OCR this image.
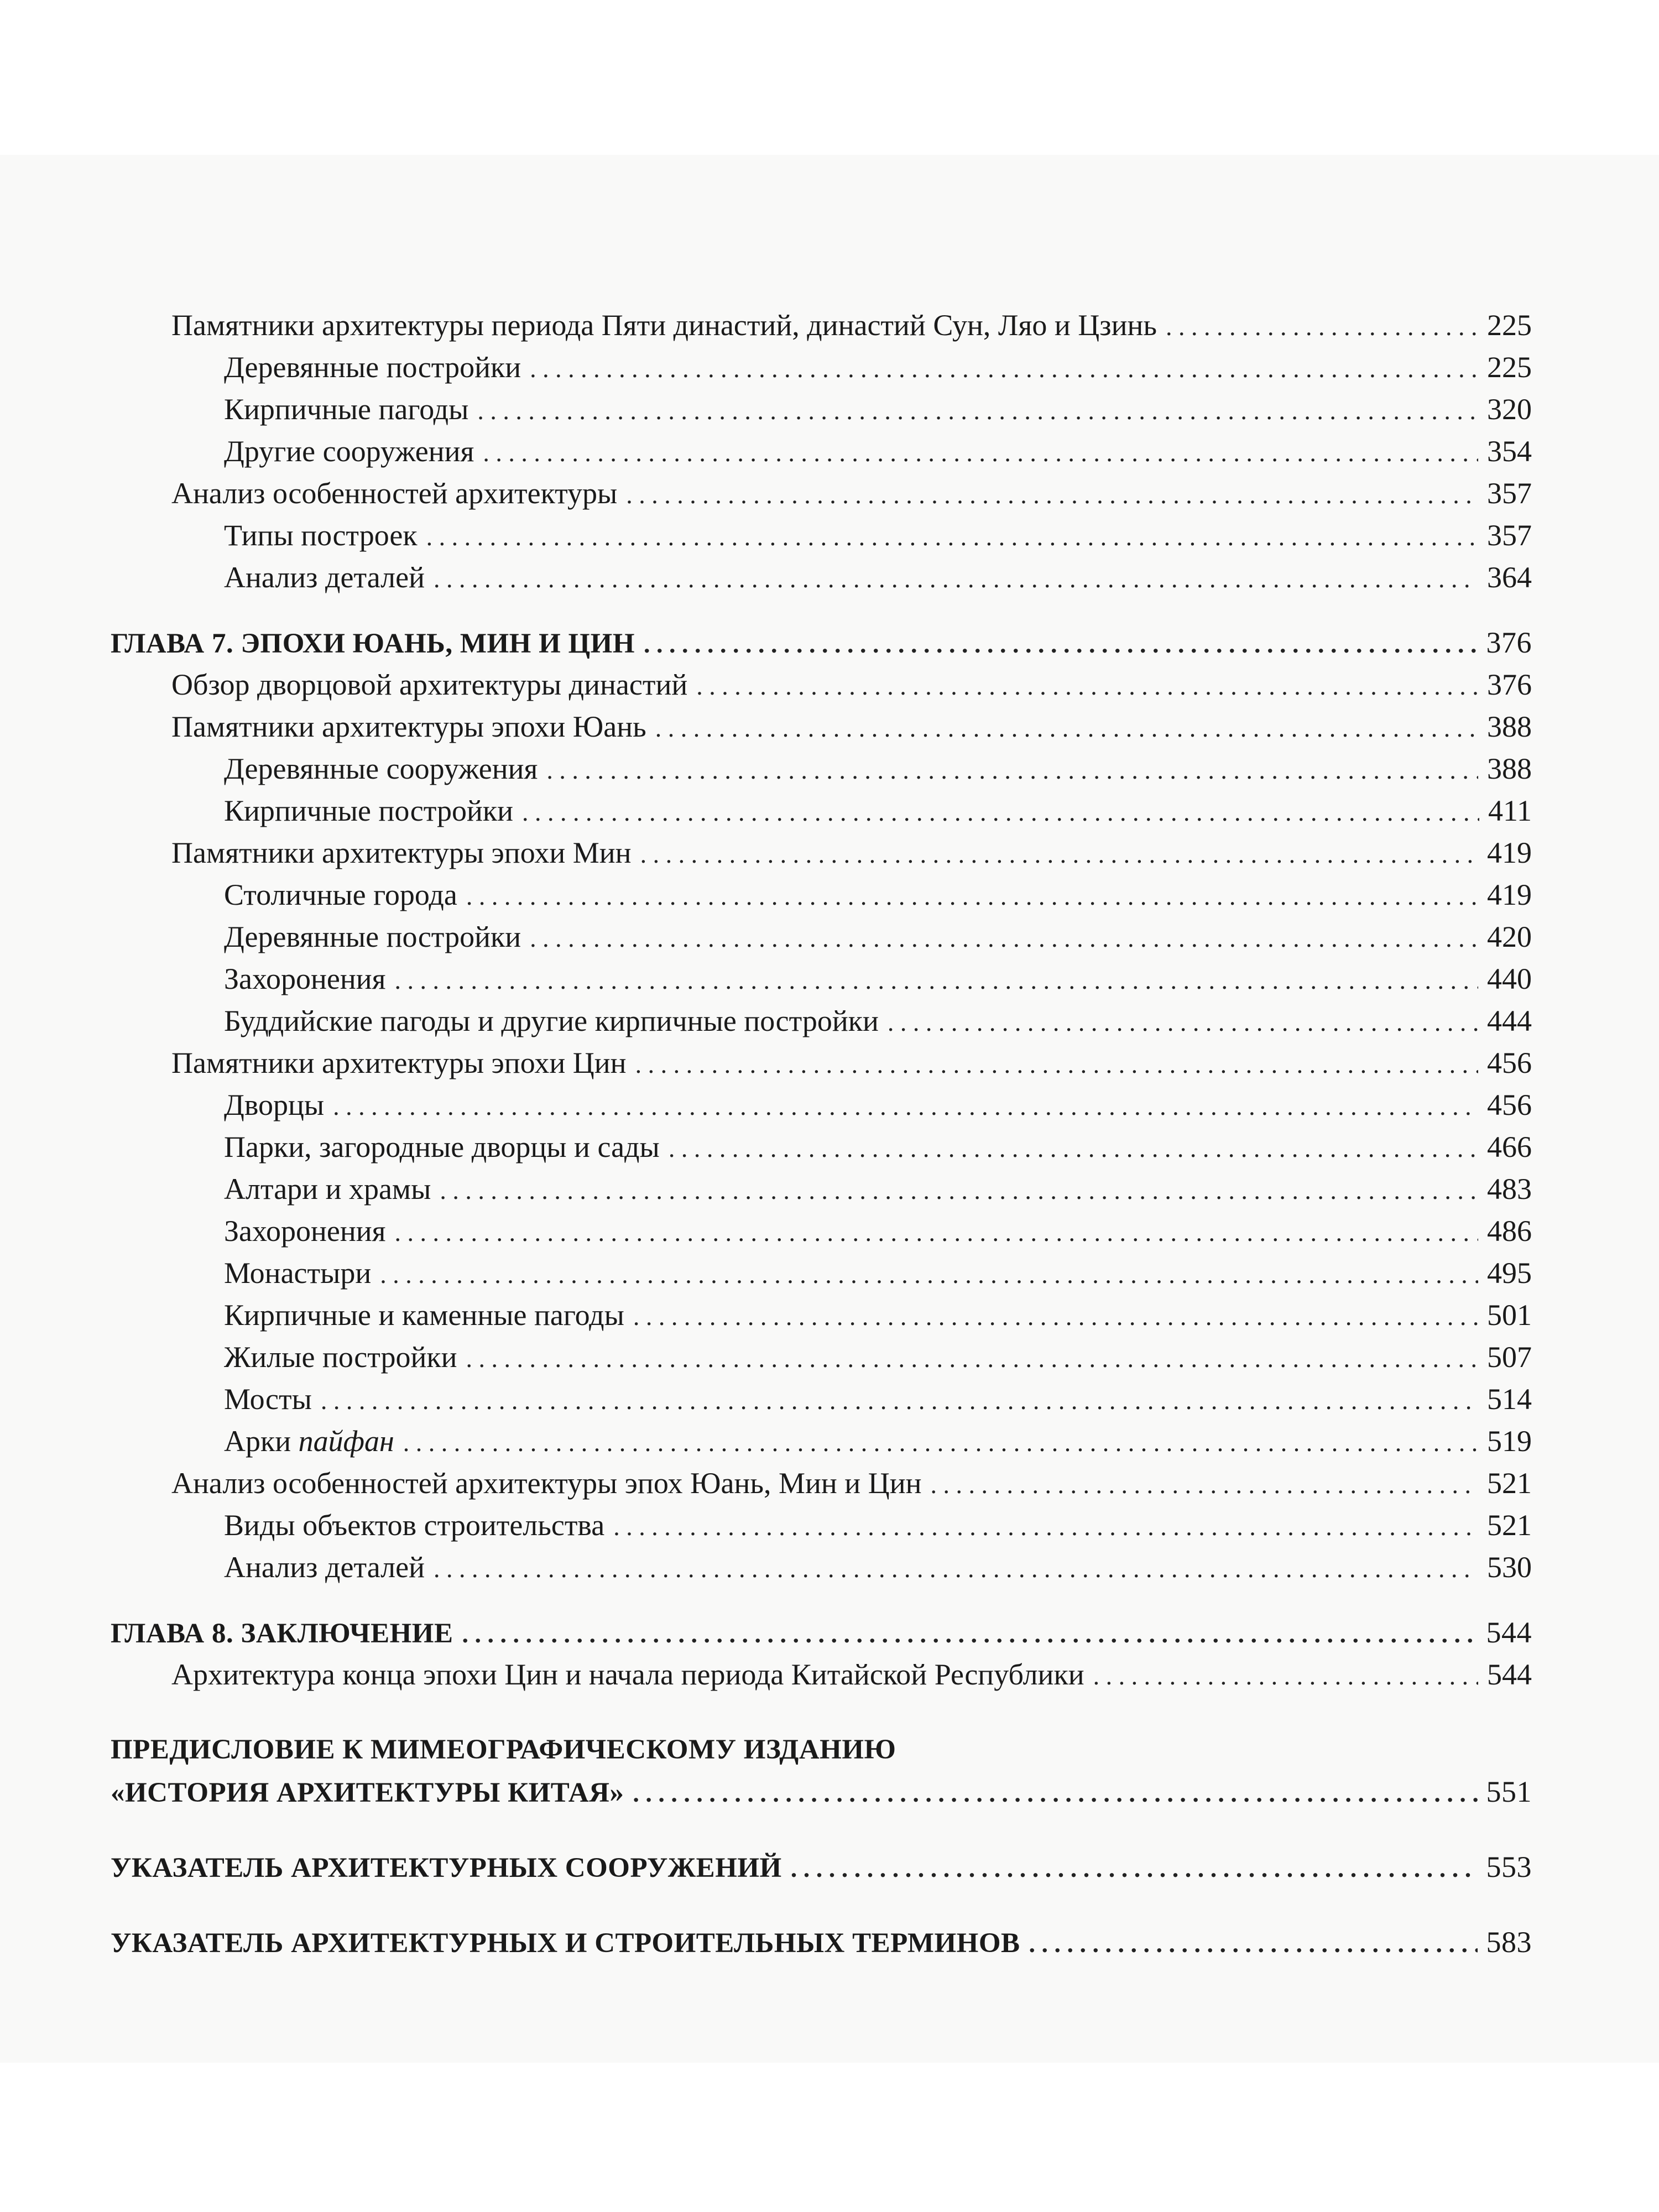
Памятники архитектуры периода Пяти династий, династий Сун, Ляо и Цзинь . . .	225
Деревянные постройки . . .	225
Кирпичные пагоды . . .	320
Другие сооружения . . .	354
Анализ особенностей архитектуры . . .	357
Типы построек . . .	357
Анализ деталей . . .	364
ГЛАВА 7. ЭПОХИ ЮАНЬ, МИН И ЦИН . . .	376
Обзор дворцовой архитектуры династий . . .	376
Памятники архитектуры эпохи Юань . . .	388
Деревянные сооружения . . .	388
Кирпичные постройки . . .	411
Памятники архитектуры эпохи Мин . . .	419
Столичные города . . .	419
Деревянные постройки . . .	420
Захоронения . . .	440
Буддийские пагоды и другие кирпичные постройки . . .	444
Памятники архитектуры эпохи Цин . . .	456
Дворцы . . .	456
Парки, загородные дворцы и сады . . .	466
Алтари и храмы . . .	483
Захоронения . . .	486
Монастыри . . .	495
Кирпичные и каменные пагоды . . .	501
Жилые постройки . . .	507
Мосты . . .	514
Арки пайфан . . .	519
Анализ особенностей архитектуры эпох Юань, Мин и Цин . . .	521
Виды объектов строительства . . .	521
Анализ деталей . . .	530
ГЛАВА 8. ЗАКЛЮЧЕНИЕ . . .	544
Архитектура конца эпохи Цин и начала периода Китайской Республики . . .	544
ПРЕДИСЛОВИЕ К МИМЕОГРАФИЧЕСКОМУ ИЗДАНИЮ
«ИСТОРИЯ АРХИТЕКТУРЫ КИТАЯ» . . .	551
УКАЗАТЕЛЬ АРХИТЕКТУРНЫХ СООРУЖЕНИЙ . . .	553
УКАЗАТЕЛЬ АРХИТЕКТУРНЫХ И СТРОИТЕЛЬНЫХ ТЕРМИНОВ . . .	583
